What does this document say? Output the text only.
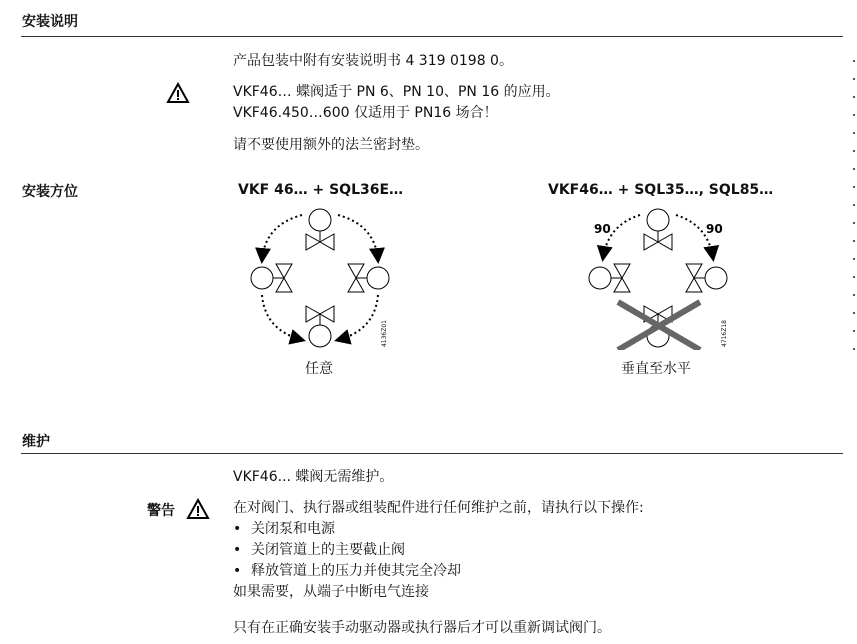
安装说明
产品包装中附有安装说明书 4 319 0198 0。
VKF46… 蝶阀适于 PN 6、PN 10、PN 16 的应用。
VKF46.450…600 仅适用于 PN16 场合！
请不要使用额外的法兰密封垫。
安装方位	VKF 46… + SQL36E…	VKF46… + SQL35…, SQL85…
4136Z01
任意
90	90
4716Z18
垂直至水平
维护
VKF46... 蝶阀无需维护。
警告	在对阀门、执行器或组装配件进行任何维护之前，请执行以下操作:
• 关闭泵和电源
• 关闭管道上的主要截止阀
• 释放管道上的压力并使其完全冷却
如果需要，从端子中断电气连接
只有在正确安装手动驱动器或执行器后才可以重新调试阀门。
